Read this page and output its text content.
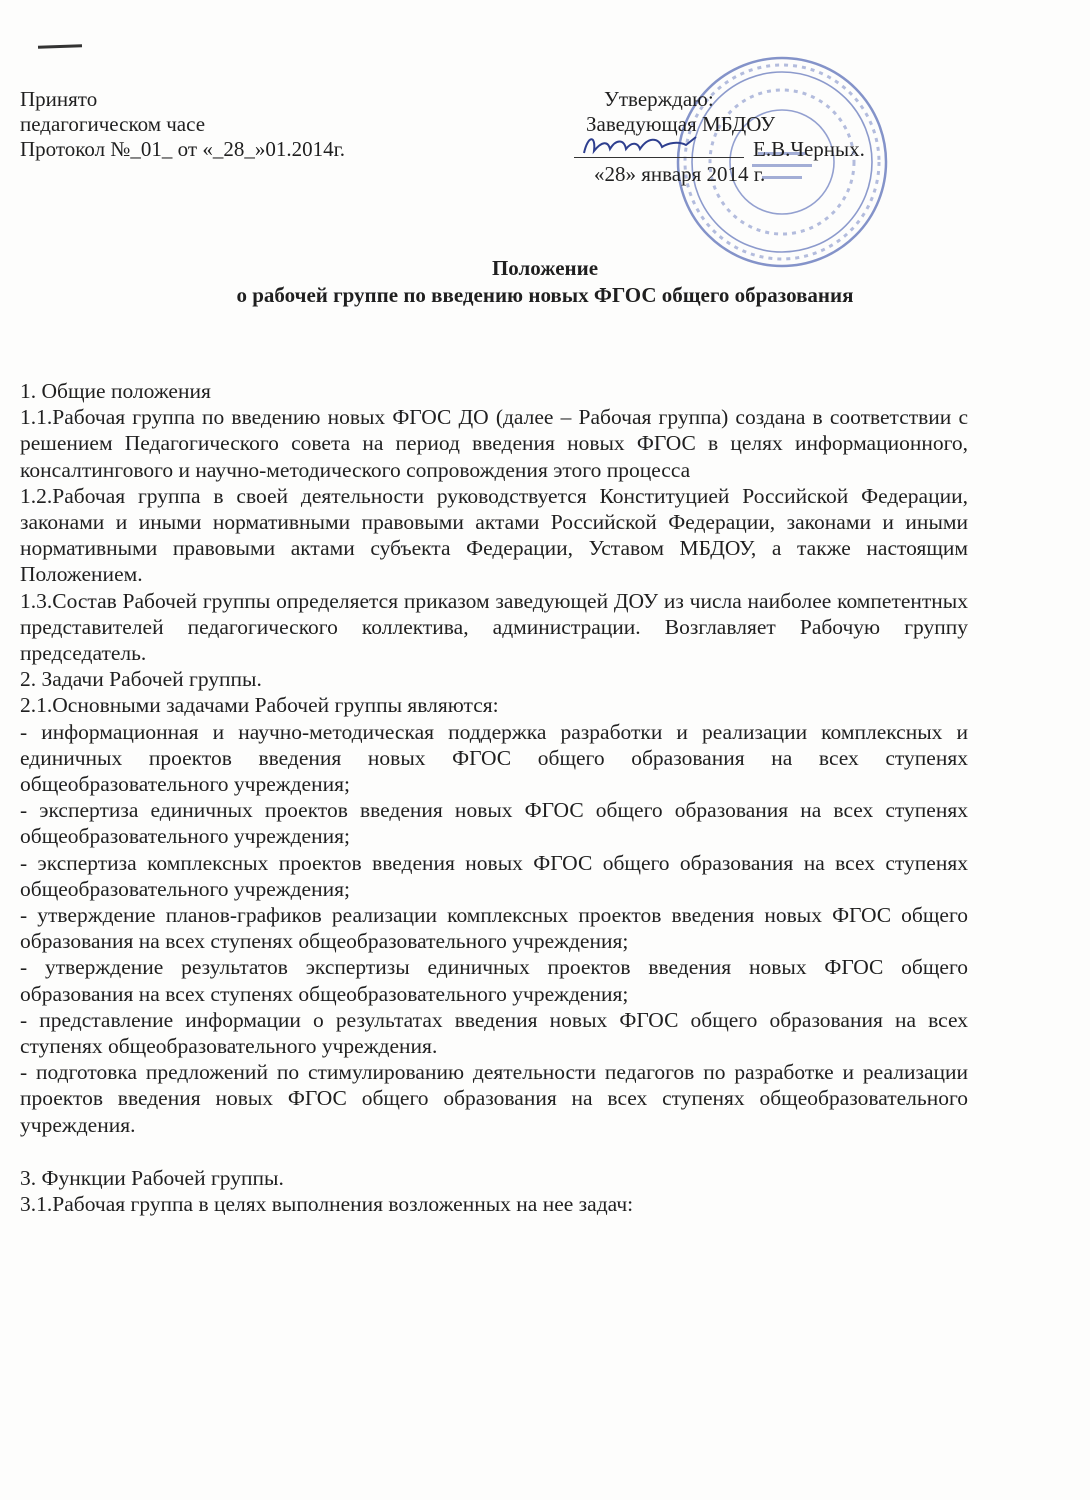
Принято
педагогическом часе
Протокол №_01_ от «_28_»01.2014г.
Утверждаю:
Заведующая МБДОУ
Е.В.Черных.
«28» января 2014 г.
Положение
о рабочей группе по введению новых ФГОС общего образования

1. Общие положения

1.1.Рабочая группа по введению новых ФГОС ДО (далее – Рабочая группа) создана в соответствии с решением Педагогического совета на период введения новых ФГОС в целях информационного, консалтингового и научно-методического сопровождения этого процесса

1.2.Рабочая группа в своей деятельности руководствуется Конституцией Российской Федерации, законами и иными нормативными правовыми актами Российской Федерации, законами и иными нормативными правовыми актами субъекта Федерации, Уставом МБДОУ, а также настоящим Положением.

1.3.Состав Рабочей группы определяется приказом заведующей ДОУ из числа наиболее компетентных представителей педагогического коллектива, администрации. Возглавляет Рабочую группу председатель.

2. Задачи Рабочей группы.

2.1.Основными задачами Рабочей группы являются:

- информационная и научно-методическая поддержка разработки и реализации комплексных и единичных проектов введения новых ФГОС общего образования на всех ступенях общеобразовательного учреждения;

- экспертиза единичных проектов введения новых ФГОС общего образования на всех ступенях общеобразовательного учреждения;

- экспертиза комплексных проектов введения новых ФГОС общего образования на всех ступенях общеобразовательного учреждения;

- утверждение планов-графиков реализации комплексных проектов введения новых ФГОС общего образования на всех ступенях общеобразовательного учреждения;

- утверждение результатов экспертизы единичных проектов введения новых ФГОС общего образования на всех ступенях общеобразовательного учреждения;

- представление информации о результатах введения новых ФГОС общего образования на всех ступенях общеобразовательного учреждения.

- подготовка предложений по стимулированию деятельности педагогов по разработке и реализации проектов введения новых ФГОС общего образования на всех ступенях общеобразовательного учреждения.

3. Функции Рабочей группы.

3.1.Рабочая группа в целях выполнения возложенных на нее задач:
